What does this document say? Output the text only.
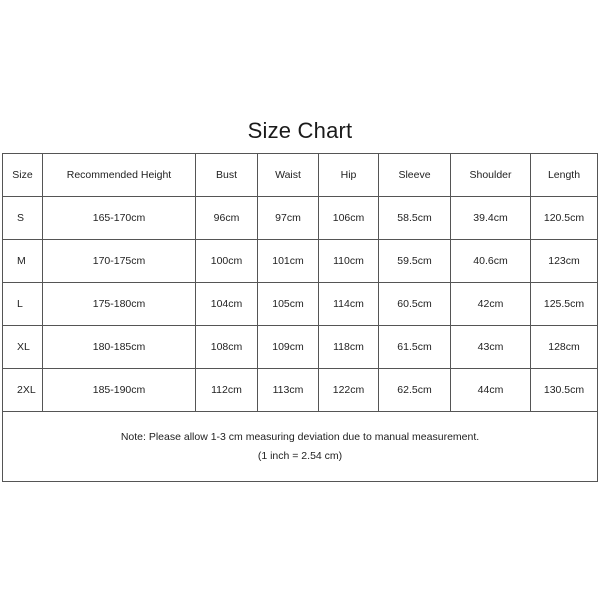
Size Chart
Size	Recommended Height	Bust	Waist	Hip	Sleeve	Shoulder	Length
S	165-170cm	96cm	97cm	106cm	58.5cm	39.4cm	120.5cm
M	170-175cm	100cm	101cm	110cm	59.5cm	40.6cm	123cm
L	175-180cm	104cm	105cm	114cm	60.5cm	42cm	125.5cm
XL	180-185cm	108cm	109cm	118cm	61.5cm	43cm	128cm
2XL	185-190cm	112cm	113cm	122cm	62.5cm	44cm	130.5cm

Note: Please allow 1-3 cm measuring deviation due to manual measurement.
(1 inch = 2.54 cm)							
